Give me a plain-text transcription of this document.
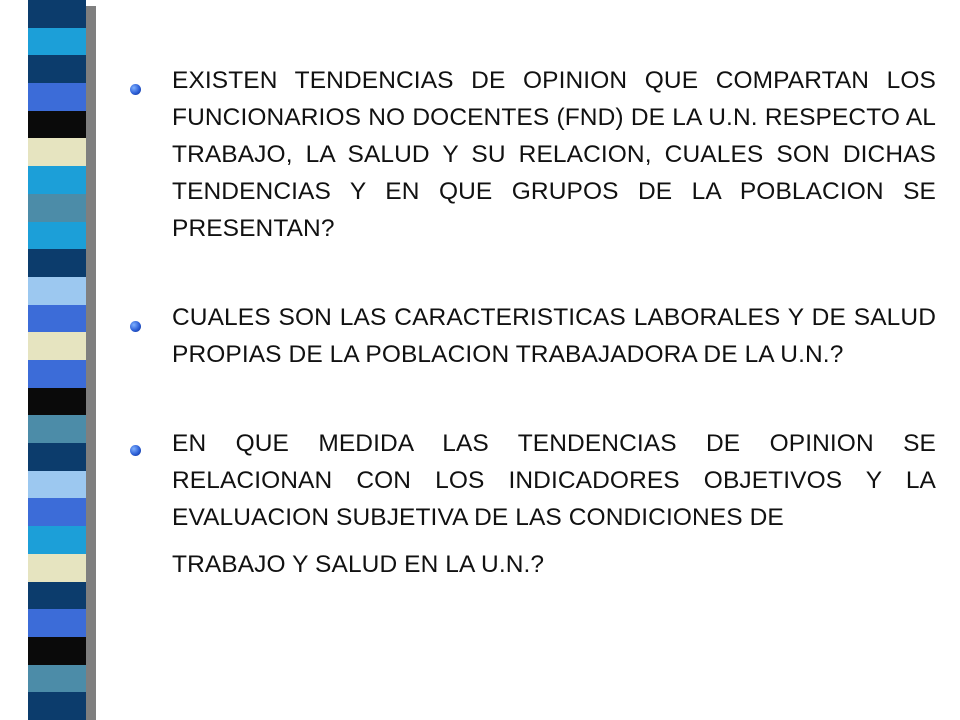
EXISTEN TENDENCIAS DE OPINION QUE COMPARTAN LOS FUNCIONARIOS NO DOCENTES (FND) DE LA U.N. RESPECTO AL TRABAJO, LA SALUD Y SU RELACION, CUALES SON DICHAS TENDENCIAS Y EN QUE GRUPOS DE LA POBLACION SE PRESENTAN?

CUALES SON LAS CARACTERISTICAS LABORALES Y DE SALUD PROPIAS DE LA POBLACION TRABAJADORA DE LA U.N.?

EN QUE MEDIDA LAS TENDENCIAS DE OPINION SE RELACIONAN CON LOS INDICADORES OBJETIVOS Y LA EVALUACION SUBJETIVA DE LAS CONDICIONES DE
TRABAJO Y SALUD EN LA U.N.?
